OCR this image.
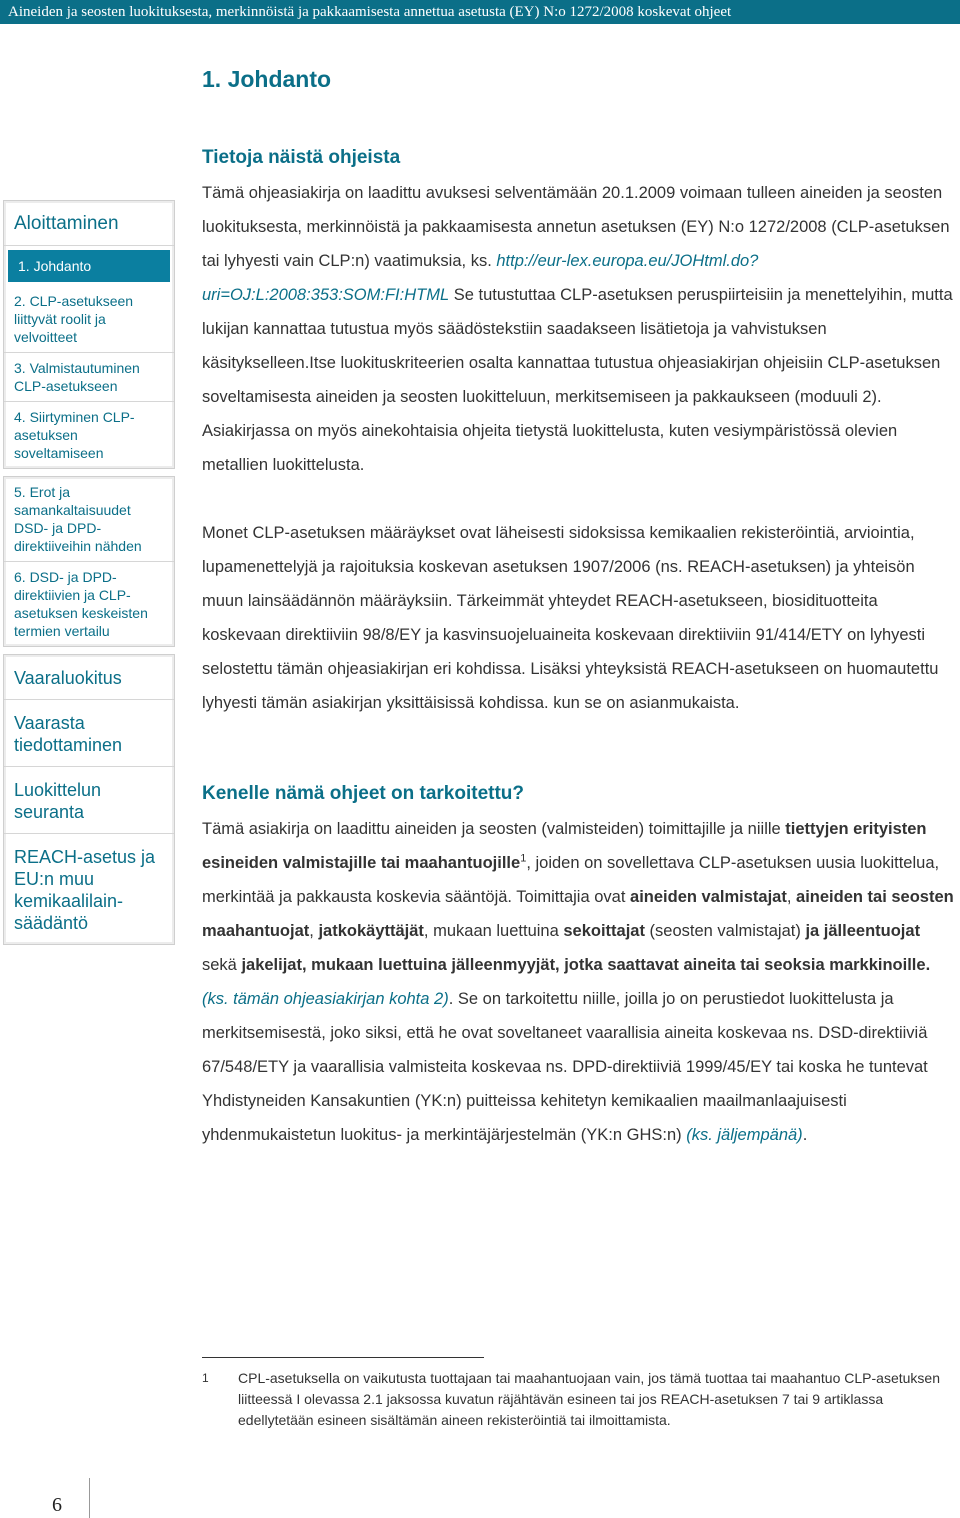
Aineiden ja seosten luokituksesta, merkinnöistä ja pakkaamisesta annettua asetusta (EY) N:o 1272/2008 koskevat ohjeet
1. Johdanto
Aloittaminen
1. Johdanto
2. CLP-asetukseen liittyvät roolit ja velvoitteet
3. Valmistautuminen CLP-asetukseen
4. Siirtyminen CLP-asetuksen soveltamiseen
5. Erot ja samankaltaisuudet DSD- ja DPD-direktiiveihin nähden
6. DSD- ja DPD-direktiivien ja CLP-asetuksen keskeisten termien vertailu
Vaaraluokitus
Vaarasta tiedottaminen
Luokittelun seuranta
REACH-asetus ja EU:n muu kemikaalilain-säädäntö
Tietoja näistä ohjeista

Tämä ohjeasiakirja on laadittu avuksesi selventämään 20.1.2009 voimaan tulleen aineiden ja seosten luokituksesta, merkinnöistä ja pakkaamisesta annetun asetuksen (EY) N:o 1272/2008 (CLP-asetuksen tai lyhyesti vain CLP:n) vaatimuksia, ks. http://eur-lex.europa.eu/JOHtml.do?uri=OJ:L:2008:353:SOM:FI:HTML Se tutustuttaa CLP-asetuksen peruspiirteisiin ja menettelyihin, mutta lukijan kannattaa tutustua myös säädöstekstiin saadakseen lisätietoja ja vahvistuksen käsitykselleen.Itse luokituskriteerien osalta kannattaa tutustua ohjeasiakirjan ohjeisiin CLP-asetuksen soveltamisesta aineiden ja seosten luokitteluun, merkitsemiseen ja pakkaukseen (moduuli 2). Asiakirjassa on myös ainekohtaisia ohjeita tietystä luokittelusta, kuten vesiympäristössä olevien metallien luokittelusta.

Monet CLP-asetuksen määräykset ovat läheisesti sidoksissa kemikaalien rekisteröintiä, arviointia, lupamenettelyjä ja rajoituksia koskevan asetuksen 1907/2006 (ns. REACH-asetuksen) ja yhteisön muun lainsäädännön määräyksiin. Tärkeimmät yhteydet REACH-asetukseen, biosidituotteita koskevaan direktiiviin 98/8/EY ja kasvinsuojeluaineita koskevaan direktiiviin 91/414/ETY on lyhyesti selostettu tämän ohjeasiakirjan eri kohdissa. Lisäksi yhteyksistä REACH-asetukseen on huomautettu lyhyesti tämän asiakirjan yksittäisissä kohdissa. kun se on asianmukaista.

Kenelle nämä ohjeet on tarkoitettu?

Tämä asiakirja on laadittu aineiden ja seosten (valmisteiden) toimittajille ja niille tiettyjen erityisten esineiden valmistajille tai maahantuojille$^1$, joiden on sovellettava CLP-asetuksen uusia luokittelua, merkintää ja pakkausta koskevia sääntöjä. Toimittajia ovat aineiden valmistajat, aineiden tai seosten maahantuojat, jatkokäyttäjät, mukaan luettuina sekoittajat (seosten valmistajat) ja jälleentuojat sekä jakelijat, mukaan luettuina jälleenmyyjät, jotka saattavat aineita tai seoksia markkinoille. (ks. tämän ohjeasiakirjan kohta 2). Se on tarkoitettu niille, joilla jo on perustiedot luokittelusta ja merkitsemisestä, joko siksi, että he ovat soveltaneet vaarallisia aineita koskevaa ns. DSD-direktiiviä 67/548/ETY ja vaarallisia valmisteita koskevaa ns. DPD-direktiiviä 1999/45/EY tai koska he tuntevat Yhdistyneiden Kansakuntien (YK:n) puitteissa kehitetyn kemikaalien maailmanlaajuisesti yhdenmukaistetun luokitus- ja merkintäjärjestelmän (YK:n GHS:n) (ks. jäljempänä).

1 CPL-asetuksella on vaikutusta tuottajaan tai maahantuojaan vain, jos tämä tuottaa tai maahantuo CLP-asetuksen liitteessä I olevassa 2.1 jaksossa kuvatun räjähtävän esineen tai jos REACH-asetuksen 7 tai 9 artiklassa edellytetään esineen sisältämän aineen rekisteröintiä tai ilmoittamista.
6
